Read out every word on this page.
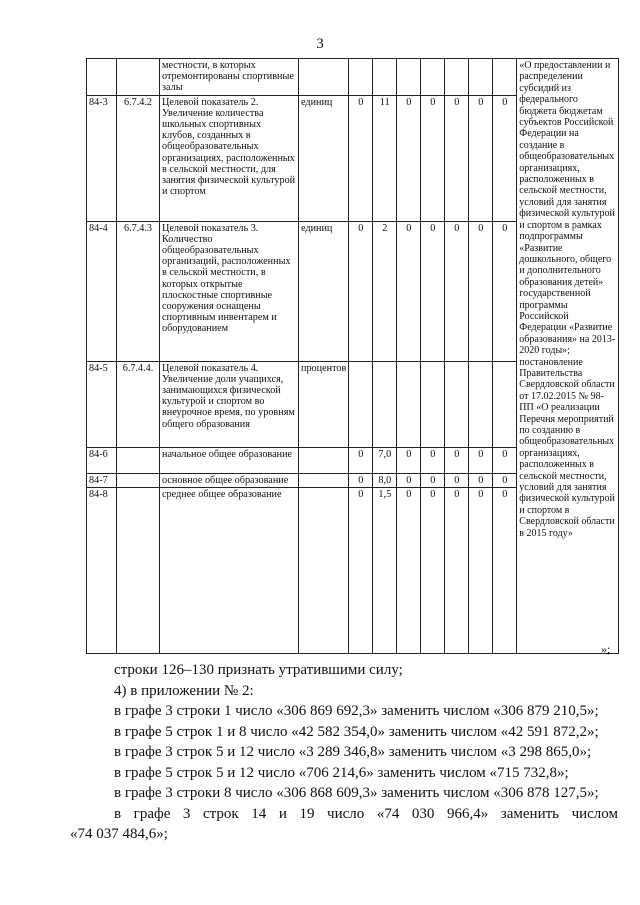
3
		местности, в которых отремонтированы спортивные залы									«О предоставлении и распределении субсидий из федерального бюджета бюджетам субъектов Российской Федерации на создание в общеобразовательных организациях, расположенных в сельской местности, условий для занятия физической культурой и спортом в рамках подпрограммы «Развитие дошкольного, общего и дополнительного образования детей» государственной программы Российской Федерации «Развитие образования» на 2013-2020 годы»; постановление Правительства Свердловской области от 17.02.2015 № 98-ПП «О реализации Перечня мероприятий по созданию в общеобразовательных организациях, расположенных в сельской местности, условий для занятия физической культурой и спортом в Свердловской области в 2015 году»
84-3	6.7.4.2	Целевой показатель 2. Увеличение количества школьных спортивных клубов, созданных в общеобразовательных организациях, расположенных в сельской местности, для занятия физической культурой и спортом	единиц	0	11	0	0	0	0	0	
84-4	6.7.4.3	Целевой показатель 3. Количество общеобразовательных организаций, расположенных в сельской местности, в которых открытые плоскостные спортивные сооружения оснащены спортивным инвентарем и оборудованием	единиц	0	2	0	0	0	0	0	
84-5	6.7.4.4.	Целевой показатель 4. Увеличение доли учащихся, занимающихся физической культурой и спортом во внеурочное время, по уровням общего образования	процентов								
84-6		начальное общее образование		0	7,0	0	0	0	0	0	
84-7		основное общее образование		0	8,0	0	0	0	0	0	
84-8		среднее общее образование		0	1,5	0	0	0	0	0	
»;

строки 126–130 признать утратившими силу;

4) в приложении № 2:

в графе 3 строки 1 число «306 869 692,3» заменить числом «306 879 210,5»;

в графе 5 строк 1 и 8 число «42 582 354,0» заменить числом «42 591 872,2»;

в графе 3 строк 5 и 12 число «3 289 346,8» заменить числом «3 298 865,0»;

в графе 5 строк 5 и 12 число «706 214,6» заменить числом «715 732,8»;

в графе 3 строки 8 число «306 868 609,3» заменить числом «306 878 127,5»;

в графе 3 строк 14 и 19 число «74 030 966,4» заменить числом

«74 037 484,6»;
